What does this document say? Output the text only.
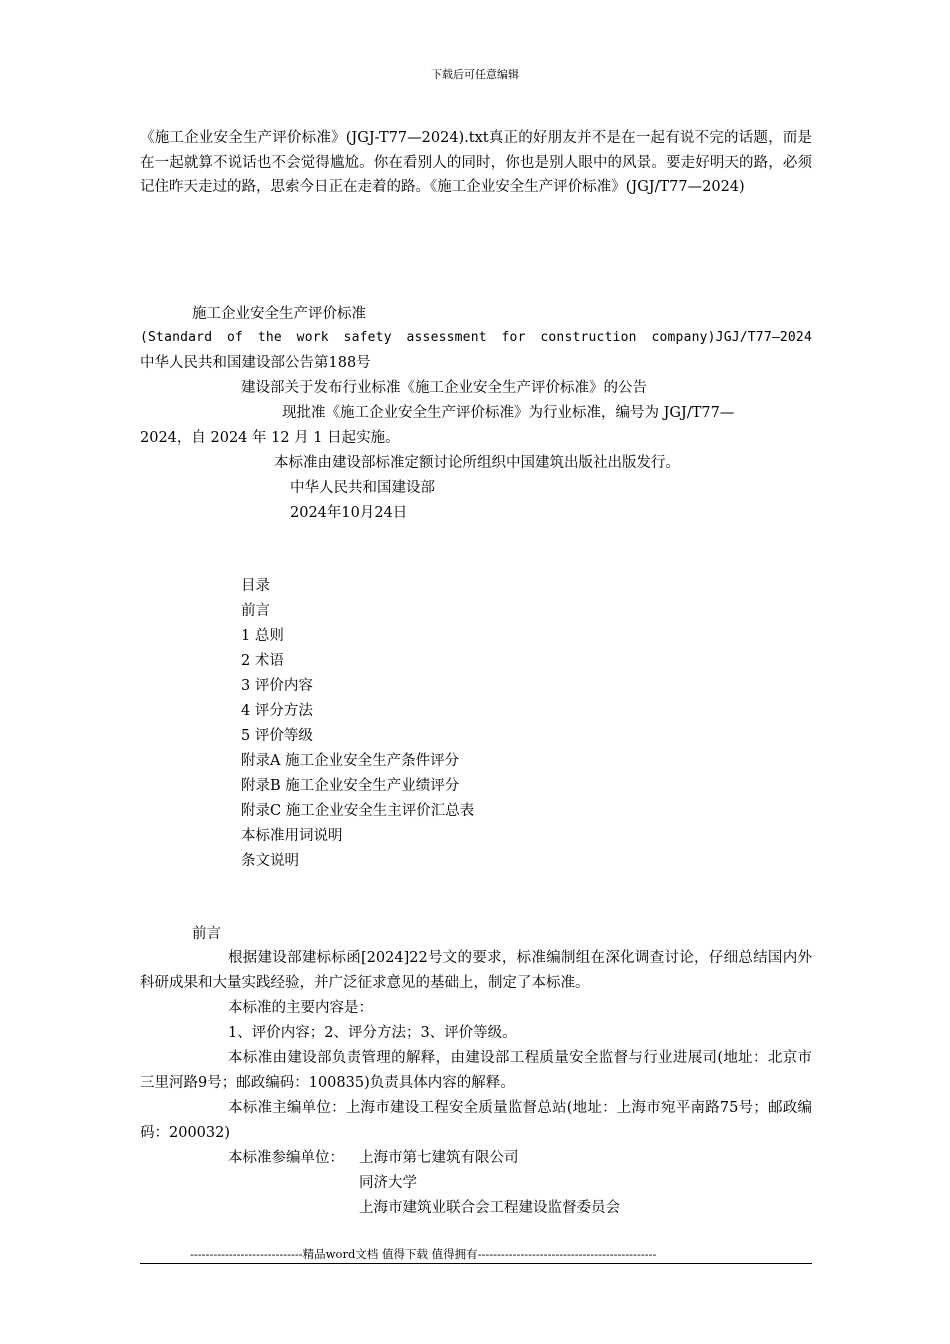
下载后可任意编辑
《施工企业安全生产评价标准》(JGJ-T77—2024).txt真正的好朋友并不是在一起有说不完的话题，而是在一起就算不说话也不会觉得尴尬。你在看别人的同时，你也是别人眼中的风景。要走好明天的路，必须记住昨天走过的路，思索今日正在走着的路。《施工企业安全生产评价标准》(JGJ/T77—2024)
施工企业安全生产评价标准
(Standard of the work safety assessment for construction company)JGJ/T77—2024
中华人民共和国建设部公告第188号
建设部关于发布行业标准《施工企业安全生产评价标准》的公告
现批准《施工企业安全生产评价标准》为行业标准，编号为 JGJ/T77—
2024，自 2024 年 12 月 1 日起实施。
本标准由建设部标准定额讨论所组织中国建筑出版社出版发行。
中华人民共和国建设部
2024年10月24日
目录
前言
1 总则
2 术语
3 评价内容
4 评分方法
5 评价等级
附录A 施工企业安全生产条件评分
附录B 施工企业安全生产业绩评分
附录C 施工企业安全生主评价汇总表
本标准用词说明
条文说明
前言
根据建设部建标标函[2024]22号文的要求，标准编制组在深化调查讨论，仔细总结国内外科研成果和大量实践经验，并广泛征求意见的基础上，制定了本标准。
本标准的主要内容是：
1、评价内容；2、评分方法；3、评价等级。
本标准由建设部负责管理的解释，由建设部工程质量安全监督与行业进展司(地址：北京市三里河路9号；邮政编码：100835)负责具体内容的解释。
本标准主编单位：上海市建设工程安全质量监督总站(地址：上海市宛平南路75号；邮政编码：200032)
本标准参编单位： 上海市第七建筑有限公司
同济大学
上海市建筑业联合会工程建设监督委员会
-----------------------------精品word文档 值得下载 值得拥有----------------------------------------------
